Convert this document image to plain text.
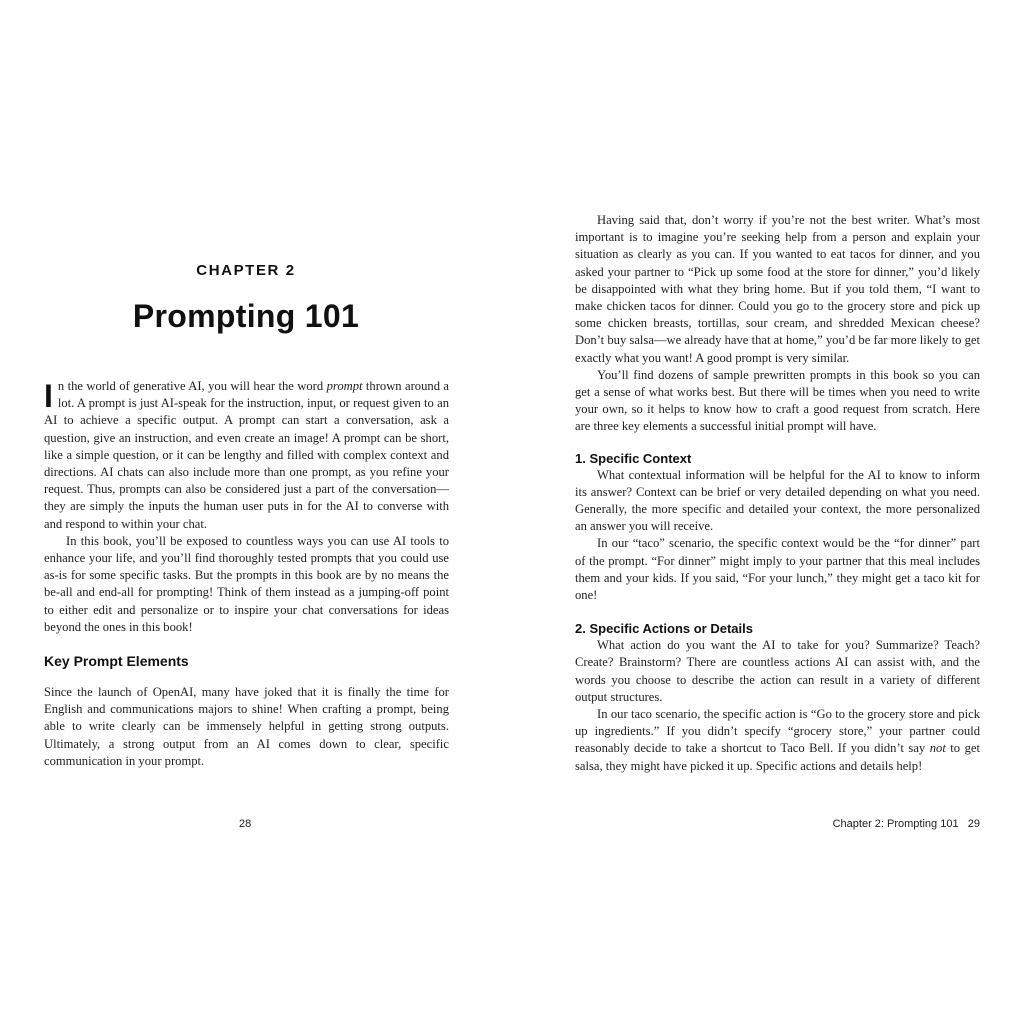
CHAPTER 2

Prompting 101

In the world of generative AI, you will hear the word prompt thrown around a lot. A prompt is just AI-speak for the instruction, input, or request given to an AI to achieve a specific output. A prompt can start a conversation, ask a question, give an instruction, and even create an image! A prompt can be short, like a simple question, or it can be lengthy and filled with complex context and directions. AI chats can also include more than one prompt, as you refine your request. Thus, prompts can also be considered just a part of the conversation—they are simply the inputs the human user puts in for the AI to converse with and respond to within your chat.

In this book, you’ll be exposed to countless ways you can use AI tools to enhance your life, and you’ll find thoroughly tested prompts that you could use as-is for some specific tasks. But the prompts in this book are by no means the be-all and end-all for prompting! Think of them instead as a jumping-off point to either edit and personalize or to inspire your chat conversations for ideas beyond the ones in this book!

Key Prompt Elements

Since the launch of OpenAI, many have joked that it is finally the time for English and communications majors to shine! When crafting a prompt, being able to write clearly can be immensely helpful in getting strong outputs. Ultimately, a strong output from an AI comes down to clear, specific communication in your prompt.

28

Having said that, don’t worry if you’re not the best writer. What’s most important is to imagine you’re seeking help from a person and explain your situation as clearly as you can. If you wanted to eat tacos for dinner, and you asked your partner to “Pick up some food at the store for dinner,” you’d likely be disappointed with what they bring home. But if you told them, “I want to make chicken tacos for dinner. Could you go to the grocery store and pick up some chicken breasts, tortillas, sour cream, and shredded Mexican cheese? Don’t buy salsa—we already have that at home,” you’d be far more likely to get exactly what you want! A good prompt is very similar.

You’ll find dozens of sample prewritten prompts in this book so you can get a sense of what works best. But there will be times when you need to write your own, so it helps to know how to craft a good request from scratch. Here are three key elements a successful initial prompt will have.

1. Specific Context

What contextual information will be helpful for the AI to know to inform its answer? Context can be brief or very detailed depending on what you need. Generally, the more specific and detailed your context, the more personalized an answer you will receive.

In our “taco” scenario, the specific context would be the “for dinner” part of the prompt. “For dinner” might imply to your partner that this meal includes them and your kids. If you said, “For your lunch,” they might get a taco kit for one!

2. Specific Actions or Details

What action do you want the AI to take for you? Summarize? Teach? Create? Brainstorm? There are countless actions AI can assist with, and the words you choose to describe the action can result in a variety of different output structures.

In our taco scenario, the specific action is “Go to the grocery store and pick up ingredients.” If you didn’t specify “grocery store,” your partner could reasonably decide to take a shortcut to Taco Bell. If you didn’t say not to get salsa, they might have picked it up. Specific actions and details help!

Chapter 2: Prompting 101 29
